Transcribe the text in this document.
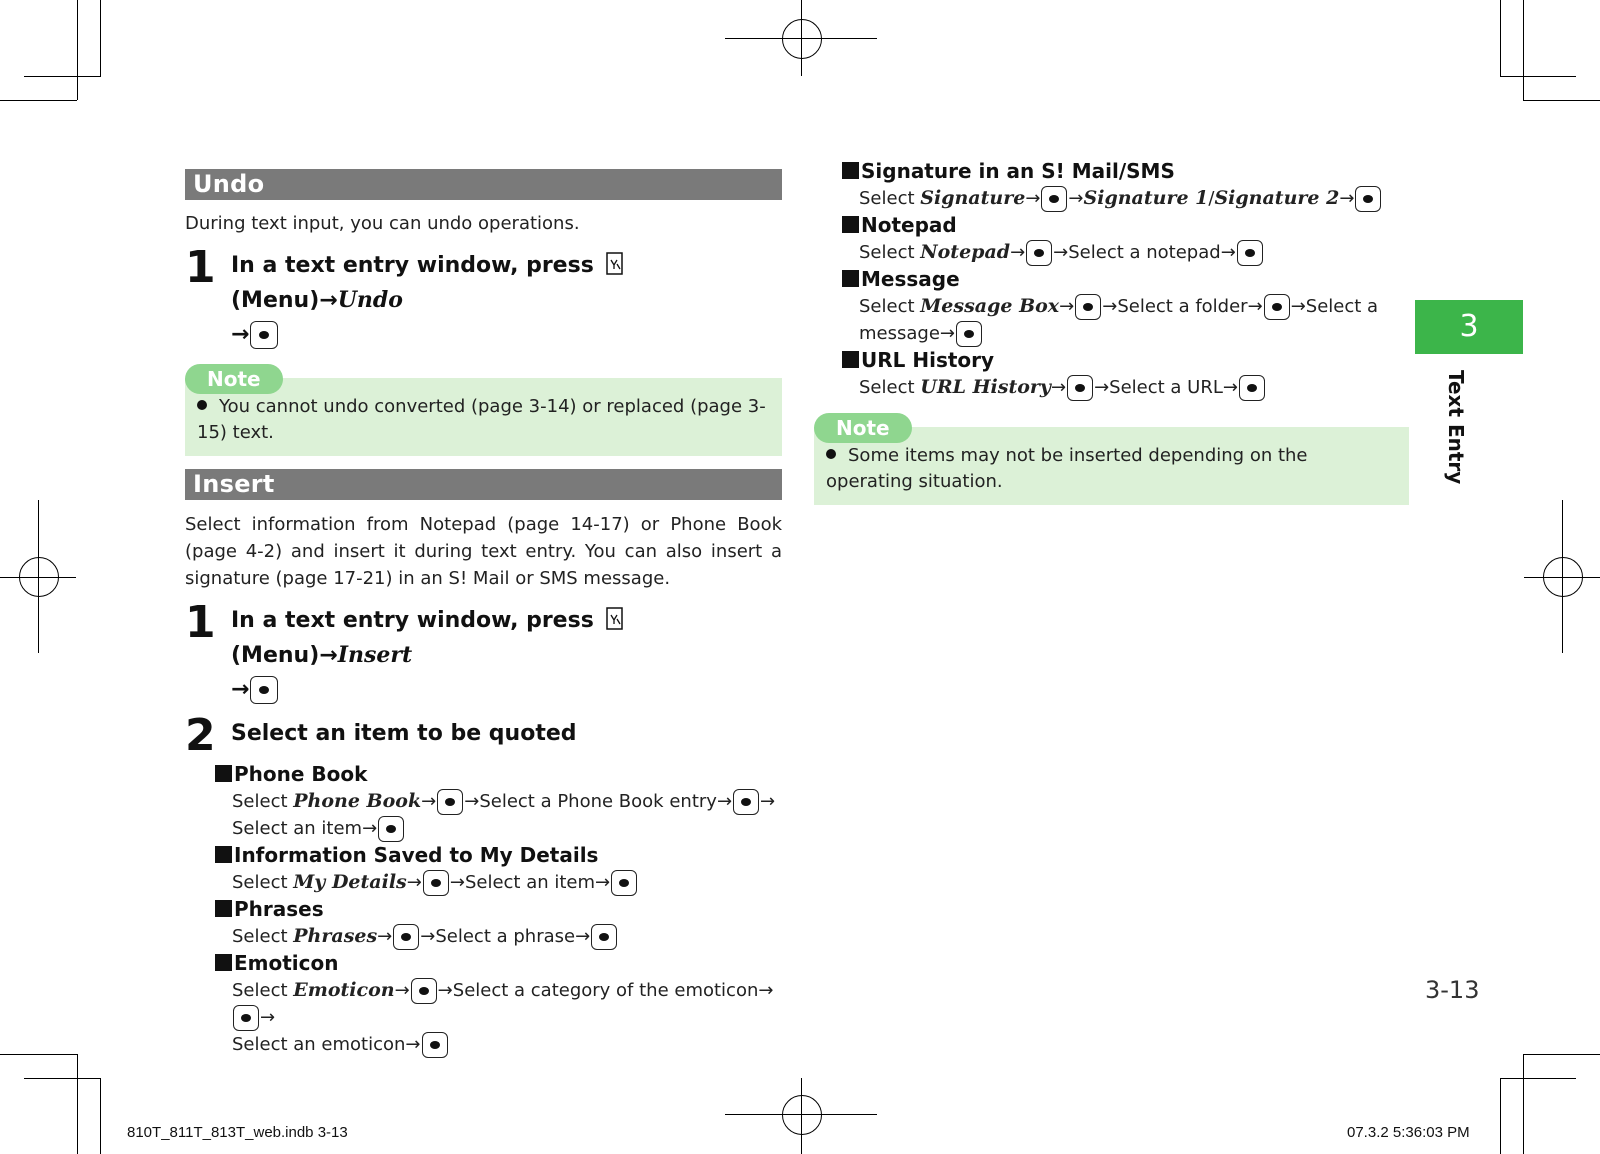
Undo
During text input, you can undo operations.
1 In a text entry window, press  (Menu)→Undo
→
Note
You cannot undo converted (page 3-14) or replaced (page 3-15) text.
Insert
Select information from Notepad (page 14-17) or Phone Book (page 4-2) and insert it during text entry. You can also insert a signature (page 17-21) in an S! Mail or SMS message.
1 In a text entry window, press  (Menu)→Insert
→
2 Select an item to be quoted
Phone Book
Select Phone Book→ →Select a Phone Book entry→ →
Select an item→
Information Saved to My Details
Select My Details→ →Select an item→
Phrases
Select Phrases→ →Select a phrase→
Emoticon
Select Emoticon→ →Select a category of the emoticon→→
Select an emoticon→
Signature in an S! Mail/SMS
Select Signature→ →Signature 1/Signature 2→
Notepad
Select Notepad→ →Select a notepad→
Message
Select Message Box→ →Select a folder→ →Select a
message→
URL History
Select URL History→ →Select a URL→
Note
Some items may not be inserted depending on the operating situation.
3
Text Entry
3-13
810T_811T_813T_web.indb 3-13	07.3.2 5:36:03 PM
